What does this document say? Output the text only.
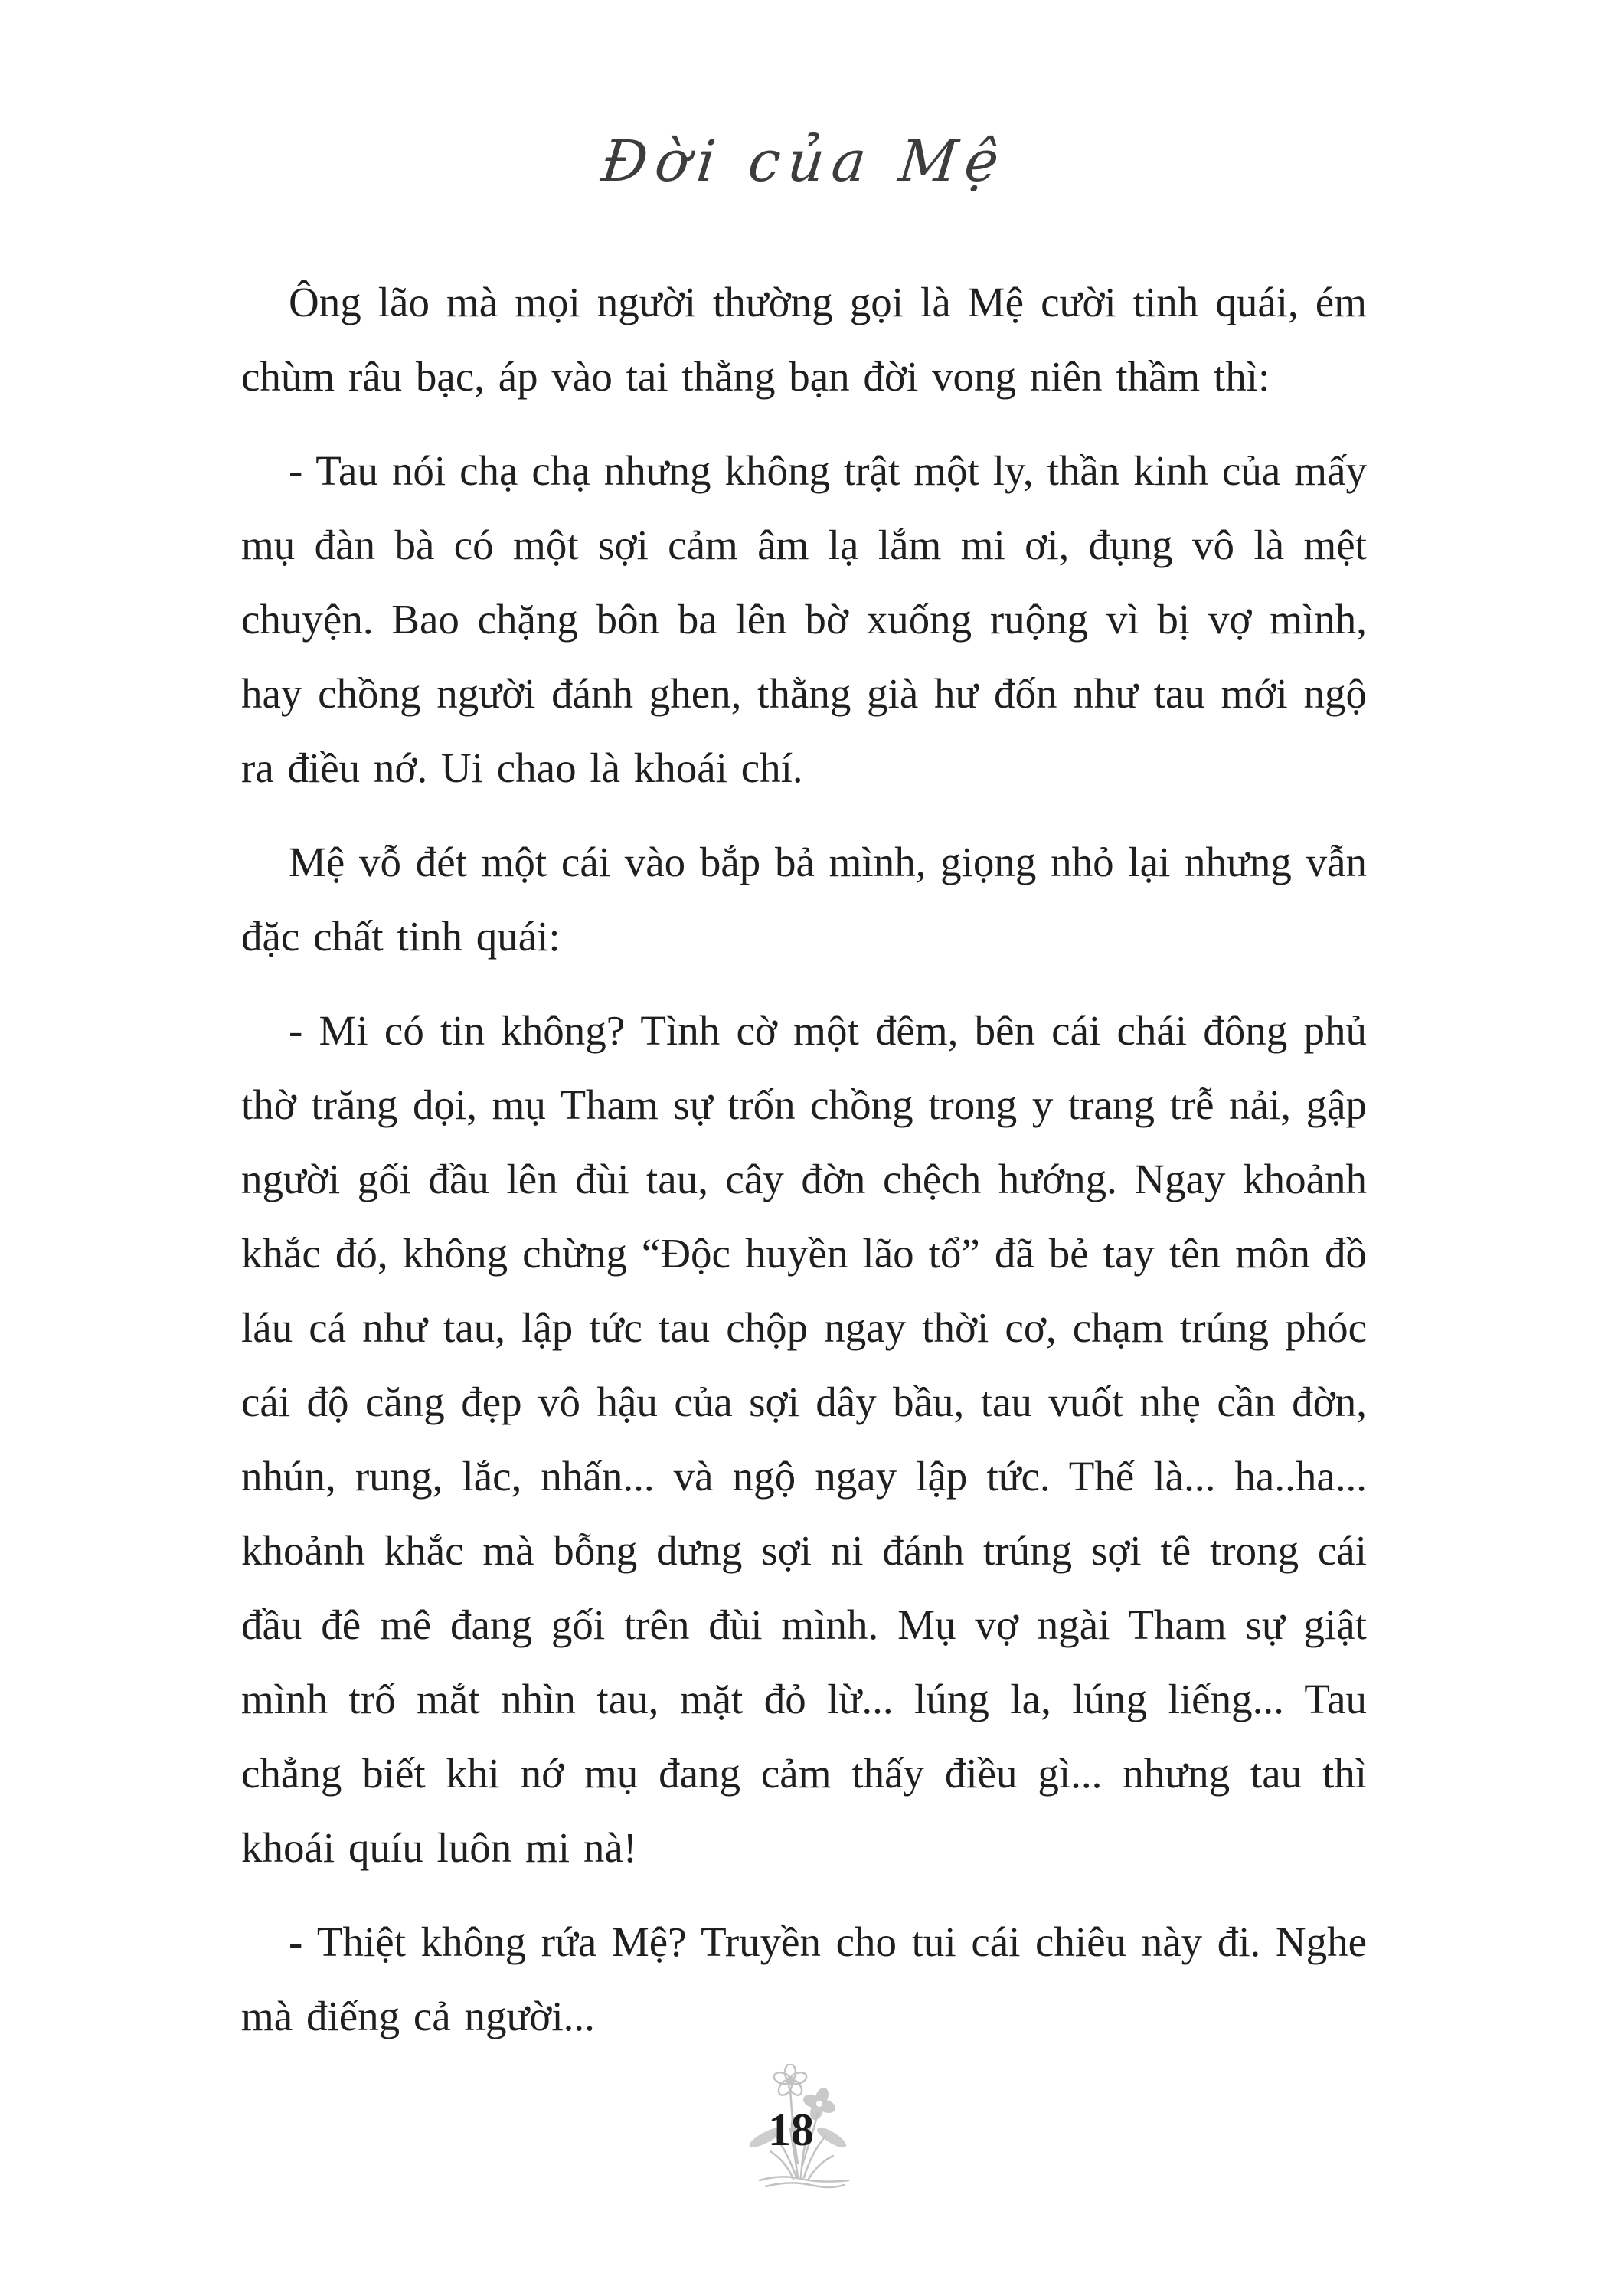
Đời của Mệ

Ông lão mà mọi người thường gọi là Mệ cười tinh quái, ém chùm râu bạc, áp vào tai thằng bạn đời vong niên thầm thì:

- Tau nói chạ chạ nhưng không trật một ly, thần kinh của mấy mụ đàn bà có một sợi cảm âm lạ lắm mi ơi, đụng vô là mệt chuyện. Bao chặng bôn ba lên bờ xuống ruộng vì bị vợ mình, hay chồng người đánh ghen, thằng già hư đốn như tau mới ngộ ra điều nớ. Ui chao là khoái chí.

Mệ vỗ đét một cái vào bắp bả mình, giọng nhỏ lại nhưng vẫn đặc chất tinh quái:

- Mi có tin không? Tình cờ một đêm, bên cái chái đông phủ thờ trăng dọi, mụ Tham sự trốn chồng trong y trang trễ nải, gập người gối đầu lên đùi tau, cây đờn chệch hướng. Ngay khoảnh khắc đó, không chừng “Độc huyền lão tổ” đã bẻ tay tên môn đồ láu cá như tau, lập tức tau chộp ngay thời cơ, chạm trúng phóc cái độ căng đẹp vô hậu của sợi dây bầu, tau vuốt nhẹ cần đờn, nhún, rung, lắc, nhấn... và ngộ ngay lập tức. Thế là... ha..ha... khoảnh khắc mà bỗng dưng sợi ni đánh trúng sợi tê trong cái đầu đê mê đang gối trên đùi mình. Mụ vợ ngài Tham sự giật mình trố mắt nhìn tau, mặt đỏ lừ... lúng la, lúng liếng... Tau chẳng biết khi nớ mụ đang cảm thấy điều gì... nhưng tau thì khoái quíu luôn mi nà!

- Thiệt không rứa Mệ? Truyền cho tui cái chiêu này đi. Nghe mà điếng cả người...

18
